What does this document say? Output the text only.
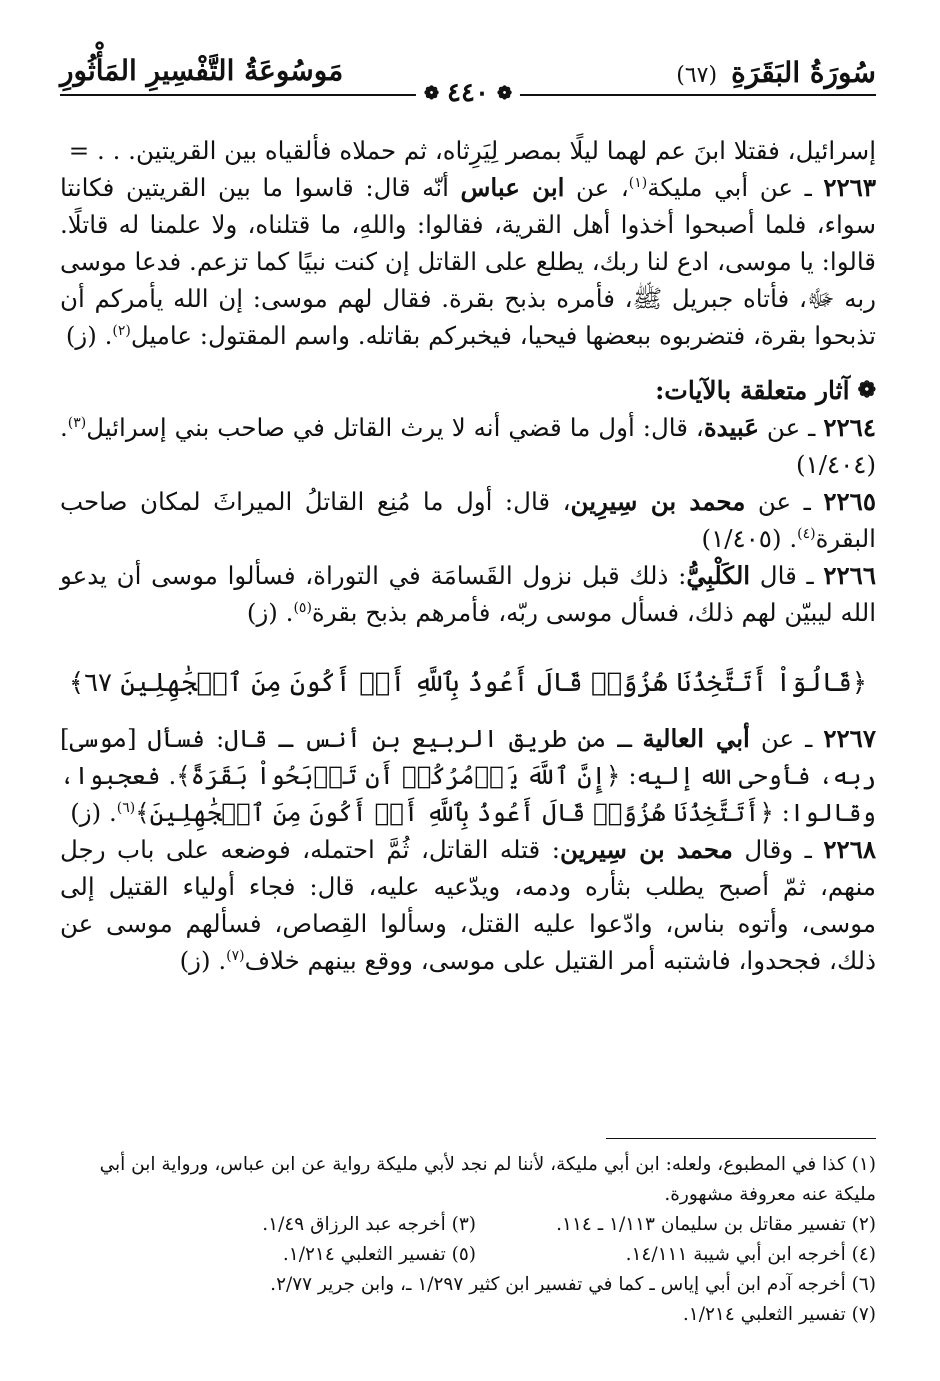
سُورَةُ البَقَرَةِ
(٦٧)
مَوسُوعَةُ التَّفْسِيرِ المَأْثُورِ
❁
٤٤٠
❁

إسرائيل، فقتلا ابنَ عم لهما ليلًا بمصر لِيَرِثاه، ثم حملاه فألقياه بين القريتين. . . =

٢٢٦٣ ـ عن أبي مليكة$^{(١)}$، عن ابن عباس أنّه قال: قاسوا ما بين القريتين فكانتا سواء، فلما أصبحوا أخذوا أهل القرية، فقالوا: واللهِ، ما قتلناه، ولا علمنا له قاتلًا. قالوا: يا موسى، ادع لنا ربك، يطلع على القاتل إن كنت نبيًا كما تزعم. فدعا موسى ربه ﷻ، فأتاه جبريل ﷺ، فأمره بذبح بقرة. فقال لهم موسى: إن الله يأمركم أن تذبحوا بقرة، فتضربوه ببعضها فيحيا، فيخبركم بقاتله. واسم المقتول: عاميل$^{(٢)}$. (ز)

❁
آثار متعلقة بالآيات:

٢٢٦٤ ـ عن عَبيدة، قال: أول ما قضي أنه لا يرث القاتل في صاحب بني إسرائيل$^{(٣)}$. (١/٤٠٤)

٢٢٦٥ ـ عن محمد بن سِيرِين، قال: أول ما مُنِع القاتلُ الميراثَ لمكان صاحب البقرة$^{(٤)}$. (١/٤٠٥)

٢٢٦٦ ـ قال الكَلْبِيُّ: ذلك قبل نزول القَسامَة في التوراة، فسألوا موسى أن يدعو الله ليبيّن لهم ذلك، فسأل موسى ربّه، فأمرهم بذبح بقرة$^{(٥)}$. (ز)

﴿قَالُوٓاْ أَتَتَّخِذُنَا هُزُوًاۖ قَالَ أَعُوذُ بِٱللَّهِ أَنۡ أَكُونَ مِنَ ٱلۡجَٰهِلِينَ ٦٧﴾

٢٢٦٧ ـ عن أبي العالية ـ من طريق الربيع بن أنس ـ قال: فسأل [موسى] ربه، فأوحى الله إليه: ﴿إِنَّ ٱللَّهَ يَأۡمُرُكُمۡ أَن تَذۡبَحُواْ بَقَرَةً﴾. فعجبوا، وقالوا: ﴿أَتَتَّخِذُنَا هُزُوًاۖ قَالَ أَعُوذُ بِٱللَّهِ أَنۡ أَكُونَ مِنَ ٱلۡجَٰهِلِينَ﴾$^{(٦)}$. (ز)

٢٢٦٨ ـ وقال محمد بن سِيرين: قتله القاتل، ثُمَّ احتمله، فوضعه على باب رجل منهم، ثمّ أصبح يطلب بثأره ودمه، ويدّعيه عليه، قال: فجاء أولياء القتيل إلى موسى، وأتوه بناس، وادّعوا عليه القتل، وسألوا القِصاص، فسألهم موسى عن ذلك، فجحدوا، فاشتبه أمر القتيل على موسى، ووقع بينهم خلاف$^{(٧)}$. (ز)

(١) كذا في المطبوع، ولعله: ابن أبي مليكة، لأننا لم نجد لأبي مليكة رواية عن ابن عباس، ورواية ابن أبي مليكة عنه معروفة مشهورة.

(٢) تفسير مقاتل بن سليمان ١/١١٣ ـ ١١٤.
(٣) أخرجه عبد الرزاق ١/٤٩.
(٤) أخرجه ابن أبي شيبة ١٤/١١١.
(٥) تفسير الثعلبي ١/٢١٤.

(٦) أخرجه آدم ابن أبي إياس ـ كما في تفسير ابن كثير ١/٢٩٧ ـ، وابن جرير ٢/٧٧.

(٧) تفسير الثعلبي ١/٢١٤.
